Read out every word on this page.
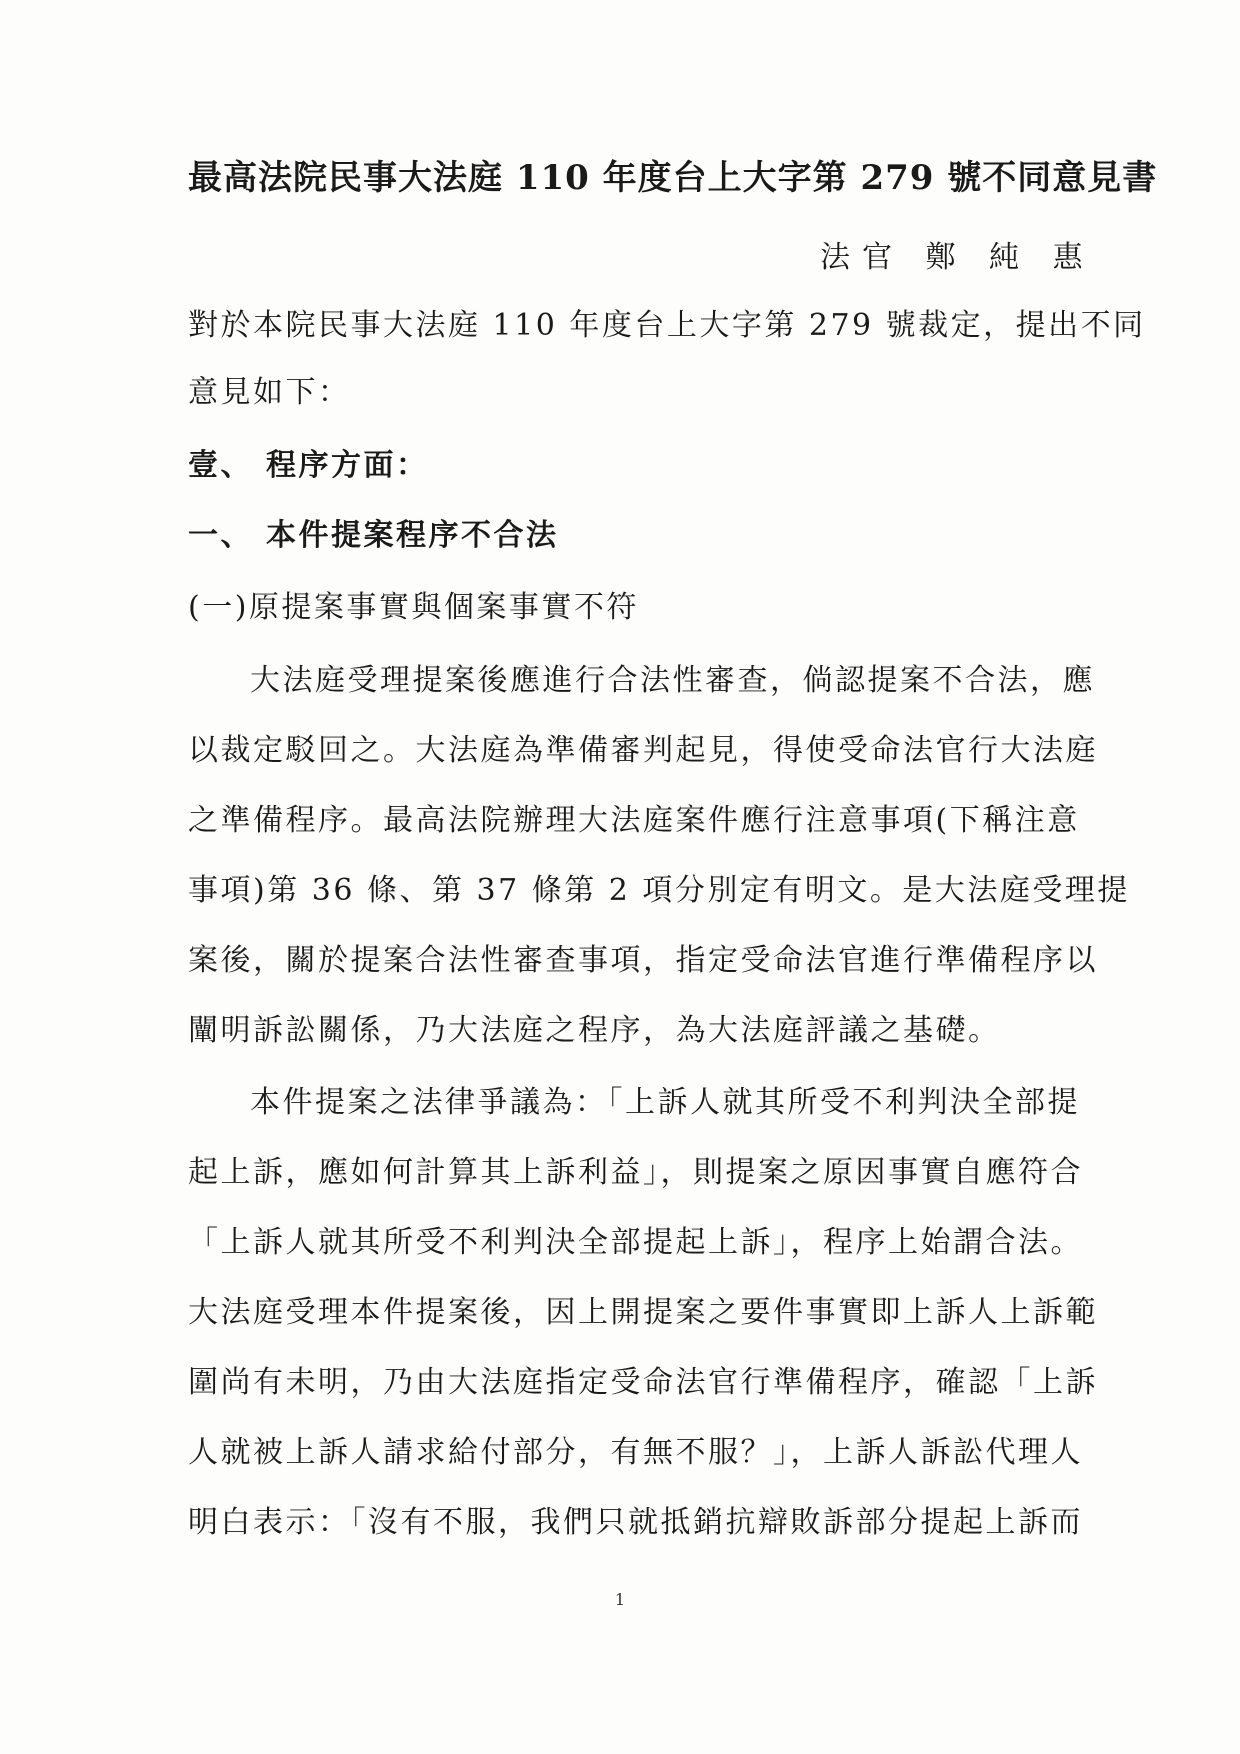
最高法院民事大法庭 110 年度台上大字第 279 號不同意見書
法官 鄭 純 惠
對於本院民事大法庭 110 年度台上大字第 279 號裁定，提出不同
意見如下：
壹、 程序方面：
一、 本件提案程序不合法
(一)原提案事實與個案事實不符
大法庭受理提案後應進行合法性審查，倘認提案不合法，應
以裁定駁回之。大法庭為準備審判起見，得使受命法官行大法庭
之準備程序。最高法院辦理大法庭案件應行注意事項(下稱注意
事項)第 36 條、第 37 條第 2 項分別定有明文。是大法庭受理提
案後，關於提案合法性審查事項，指定受命法官進行準備程序以
闡明訴訟關係，乃大法庭之程序，為大法庭評議之基礎。
本件提案之法律爭議為：「上訴人就其所受不利判決全部提
起上訴，應如何計算其上訴利益」，則提案之原因事實自應符合
「上訴人就其所受不利判決全部提起上訴」，程序上始謂合法。
大法庭受理本件提案後，因上開提案之要件事實即上訴人上訴範
圍尚有未明，乃由大法庭指定受命法官行準備程序，確認「上訴
人就被上訴人請求給付部分，有無不服？」，上訴人訴訟代理人
明白表示：「沒有不服，我們只就抵銷抗辯敗訴部分提起上訴而
1
